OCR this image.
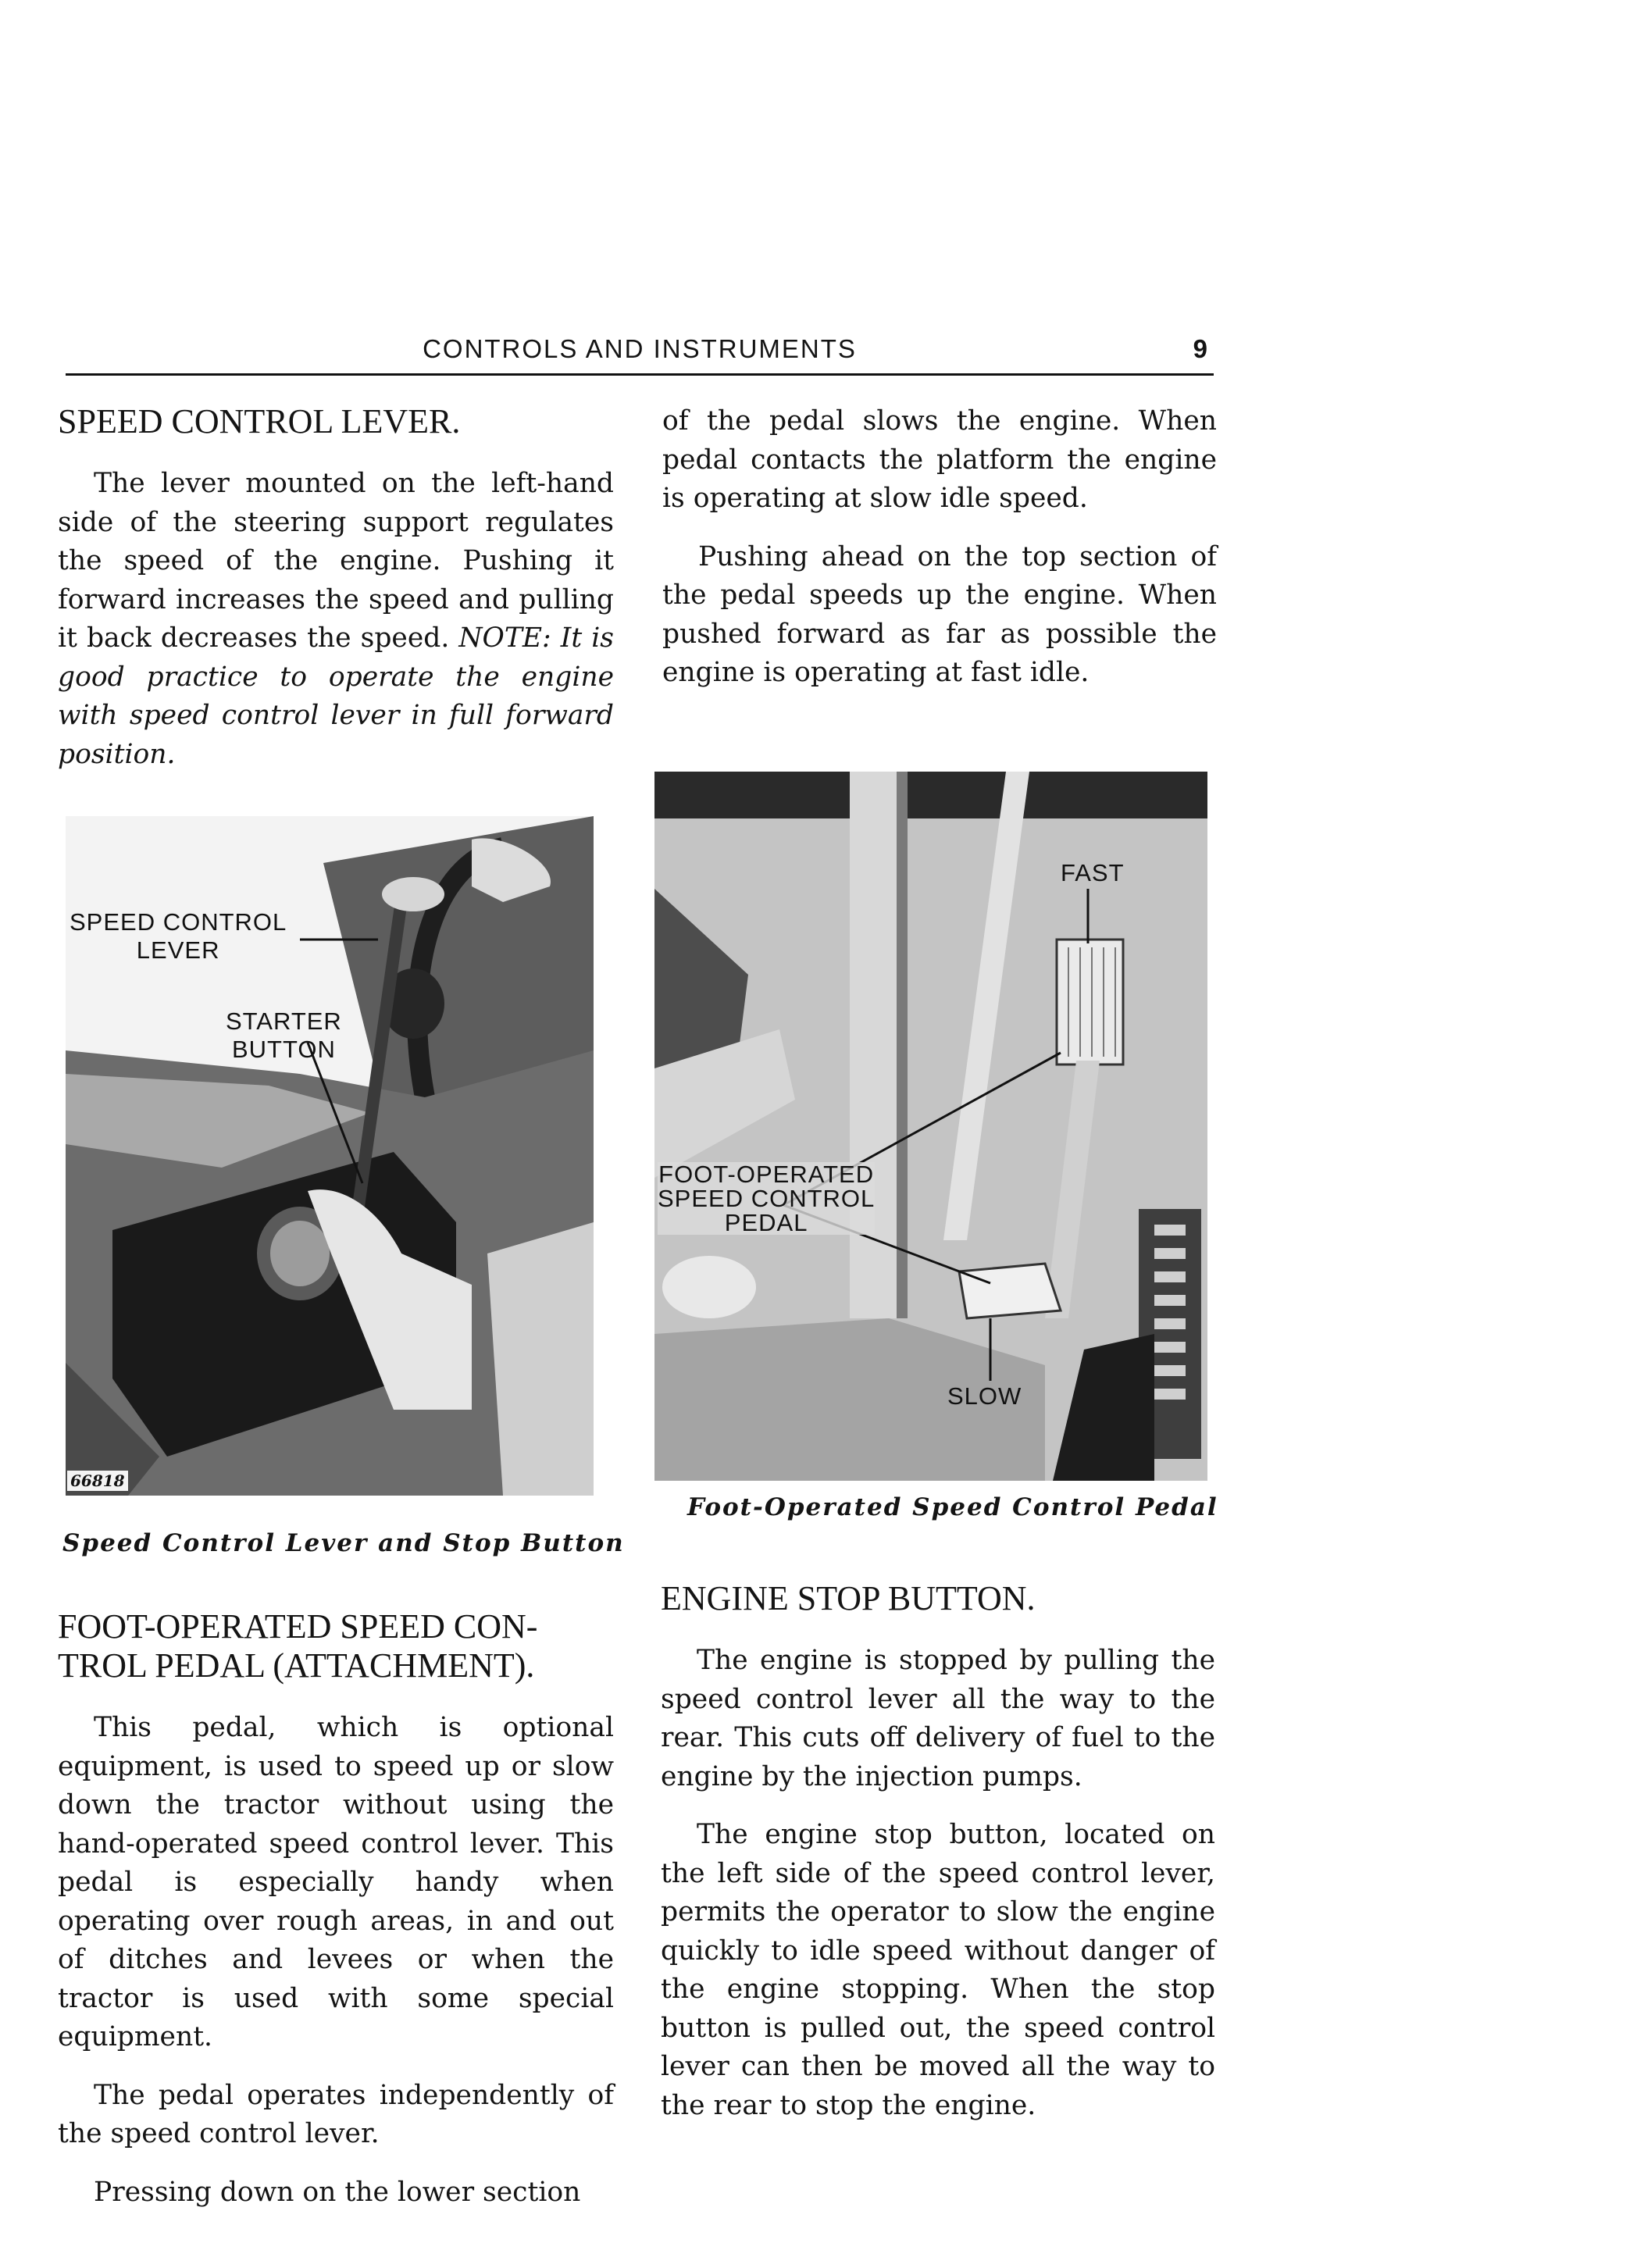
CONTROLS AND INSTRUMENTS	9
SPEED CONTROL LEVER.

The lever mounted on the left-hand side of the steering support regulates the speed of the engine. Pushing it forward increases the speed and pulling it back decreases the speed. NOTE: It is good practice to operate the engine with speed control lever in full forward position.

SPEED CONTROL
LEVER
STARTER
BUTTON
66818
Speed Control Lever and Stop Button
FOOT-OPERATED SPEED CON-
TROL PEDAL (ATTACHMENT).

This pedal, which is optional equipment, is used to speed up or slow down the tractor without using the hand-operated speed control lever. This pedal is especially handy when operating over rough areas, in and out of ditches and levees or when the tractor is used with some special equipment.

The pedal operates independently of the speed control lever.

Pressing down on the lower section

of the pedal slows the engine. When pedal contacts the platform the engine is operating at slow idle speed.

Pushing ahead on the top section of the pedal speeds up the engine. When pushed forward as far as possible the engine is operating at fast idle.

FAST
SLOW
FOOT-OPERATED
SPEED CONTROL
PEDAL
Foot-Operated Speed Control Pedal
ENGINE STOP BUTTON.

The engine is stopped by pulling the speed control lever all the way to the rear. This cuts off delivery of fuel to the engine by the injection pumps.

The engine stop button, located on the left side of the speed control lever, permits the operator to slow the engine quickly to idle speed without danger of the engine stopping. When the stop button is pulled out, the speed control lever can then be moved all the way to the rear to stop the engine.
